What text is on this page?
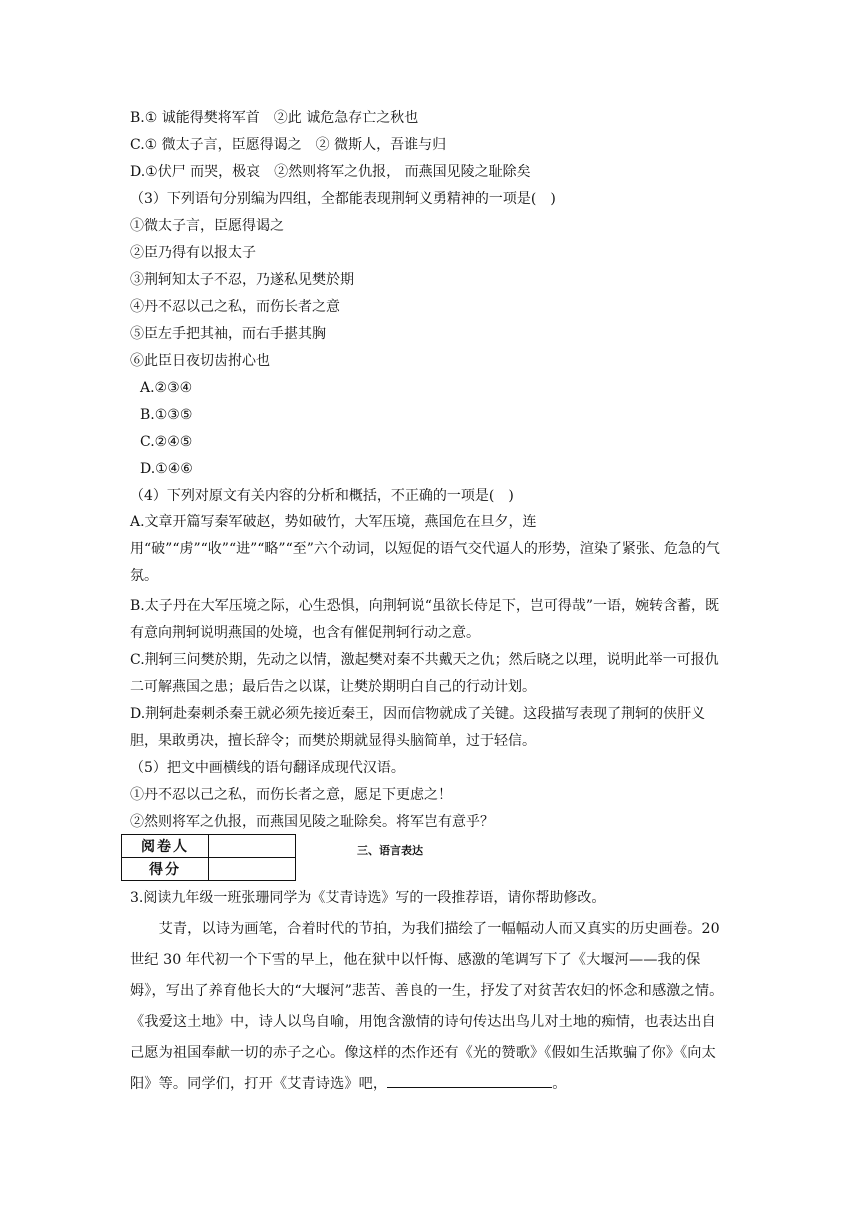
B.① 诚能得樊将军首　②此 诚危急存亡之秋也
C.① 微太子言，臣愿得谒之　② 微斯人，吾谁与归
D.①伏尸 而哭，极哀　②然则将军之仇报， 而燕国见陵之耻除矣
（3）下列语句分别编为四组，全都能表现荆轲义勇精神的一项是(　)
①微太子言，臣愿得谒之
②臣乃得有以报太子
③荆轲知太子不忍，乃遂私见樊於期
④丹不忍以己之私，而伤长者之意
⑤臣左手把其袖，而右手揕其胸
⑥此臣日夜切齿拊心也
A.②③④
B.①③⑤
C.②④⑤
D.①④⑥
（4）下列对原文有关内容的分析和概括，不正确的一项是(　)
A.文章开篇写秦军破赵，势如破竹，大军压境，燕国危在旦夕，连用“破”“虏”“收”“进”“略”“至”六个动词，以短促的语气交代逼人的形势，渲染了紧张、危急的气氛。
B.太子丹在大军压境之际，心生恐惧，向荆轲说“虽欲长侍足下，岂可得哉”一语，婉转含蓄，既有意向荆轲说明燕国的处境，也含有催促荆轲行动之意。
C.荆轲三问樊於期，先动之以情，激起樊对秦不共戴天之仇；然后晓之以理，说明此举一可报仇二可解燕国之患；最后告之以谋，让樊於期明白自己的行动计划。
D.荆轲赴秦刺杀秦王就必须先接近秦王，因而信物就成了关键。这段描写表现了荆轲的侠肝义胆，果敢勇决，擅长辞令；而樊於期就显得头脑简单，过于轻信。
（5）把文中画横线的语句翻译成现代汉语。
①丹不忍以己之私，而伤长者之意，愿足下更虑之！
②然则将军之仇报，而燕国见陵之耻除矣。将军岂有意乎？
阅卷人	
得分	
三、语言表达
3.阅读九年级一班张珊同学为《艾青诗选》写的一段推荐语，请你帮助修改。
　　艾青，以诗为画笔，合着时代的节拍，为我们描绘了一幅幅动人而又真实的历史画卷。20 世纪 30 年代初一个下雪的早上，他在狱中以忏悔、感激的笔调写下了《大堰河——我的保姆》，写出了养育他长大的“大堰河”悲苦、善良的一生，抒发了对贫苦农妇的怀念和感激之情。《我爱这土地》中，诗人以鸟自喻，用饱含激情的诗句传达出鸟儿对土地的痴情，也表达出自己愿为祖国奉献一切的赤子之心。像这样的杰作还有《光的赞歌》《假如生活欺骗了你》《向太阳》等。同学们，打开《艾青诗选》吧，	。
